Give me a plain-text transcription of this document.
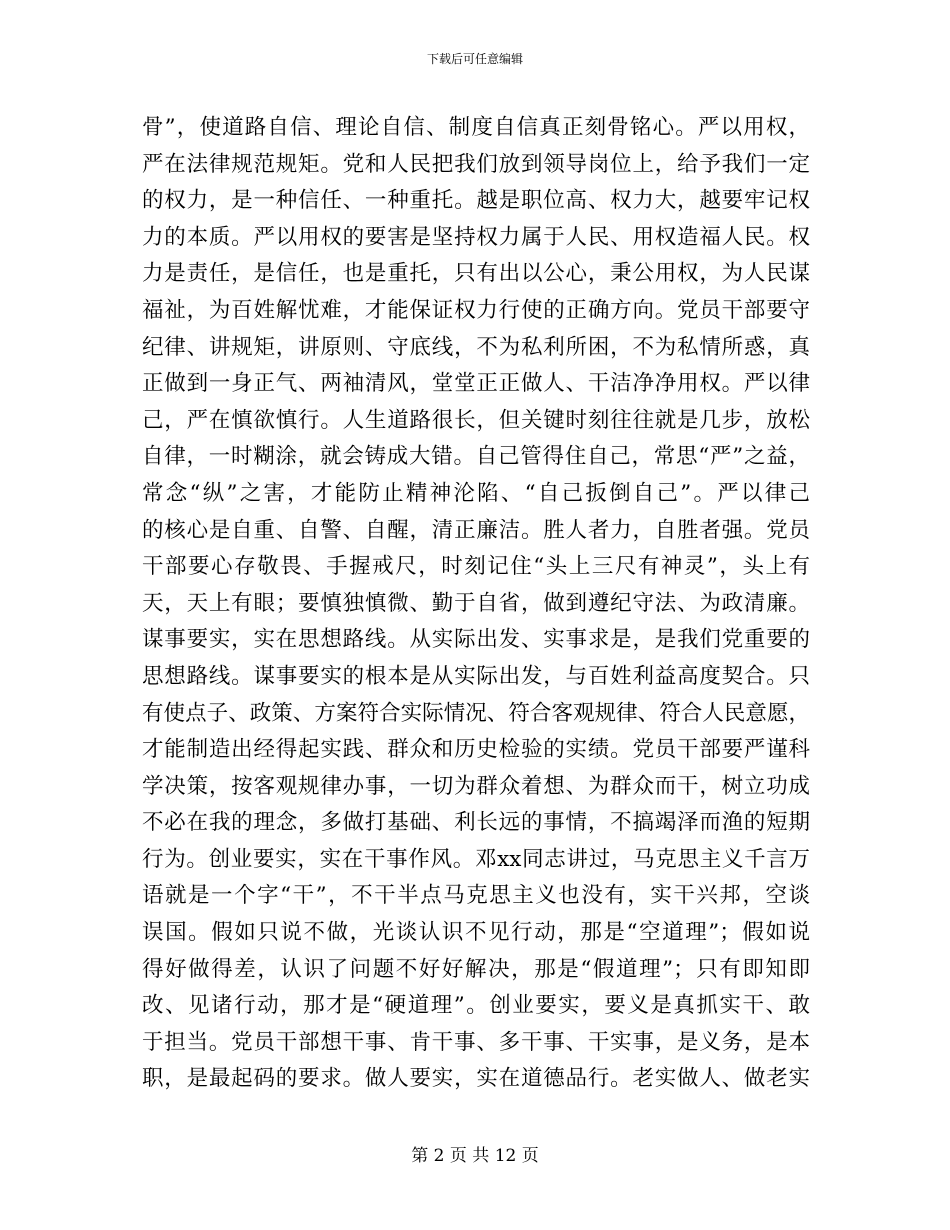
下载后可任意编辑
骨”，使道路自信、理论自信、制度自信真正刻骨铭心。严以用权，
严在法律规范规矩。党和人民把我们放到领导岗位上，给予我们一定
的权力，是一种信任、一种重托。越是职位高、权力大，越要牢记权
力的本质。严以用权的要害是坚持权力属于人民、用权造福人民。权
力是责任，是信任，也是重托，只有出以公心，秉公用权，为人民谋
福祉，为百姓解忧难，才能保证权力行使的正确方向。党员干部要守
纪律、讲规矩，讲原则、守底线，不为私利所困，不为私情所惑，真
正做到一身正气、两袖清风，堂堂正正做人、干洁净净用权。严以律
己，严在慎欲慎行。人生道路很长，但关键时刻往往就是几步，放松
自律，一时糊涂，就会铸成大错。自己管得住自己，常思“严”之益，
常念“纵”之害，才能防止精神沦陷、“自己扳倒自己”。严以律己
的核心是自重、自警、自醒，清正廉洁。胜人者力，自胜者强。党员
干部要心存敬畏、手握戒尺，时刻记住“头上三尺有神灵”，头上有
天，天上有眼；要慎独慎微、勤于自省，做到遵纪守法、为政清廉。
谋事要实，实在思想路线。从实际出发、实事求是，是我们党重要的
思想路线。谋事要实的根本是从实际出发，与百姓利益高度契合。只
有使点子、政策、方案符合实际情况、符合客观规律、符合人民意愿，
才能制造出经得起实践、群众和历史检验的实绩。党员干部要严谨科
学决策，按客观规律办事，一切为群众着想、为群众而干，树立功成
不必在我的理念，多做打基础、利长远的事情，不搞竭泽而渔的短期
行为。创业要实，实在干事作风。邓xx同志讲过，马克思主义千言万
语就是一个字“干”，不干半点马克思主义也没有，实干兴邦，空谈
误国。假如只说不做，光谈认识不见行动，那是“空道理”；假如说
得好做得差，认识了问题不好好解决，那是“假道理”；只有即知即
改、见诸行动，那才是“硬道理”。创业要实，要义是真抓实干、敢
于担当。党员干部想干事、肯干事、多干事、干实事，是义务，是本
职，是最起码的要求。做人要实，实在道德品行。老实做人、做老实
第 2 页 共 12 页
